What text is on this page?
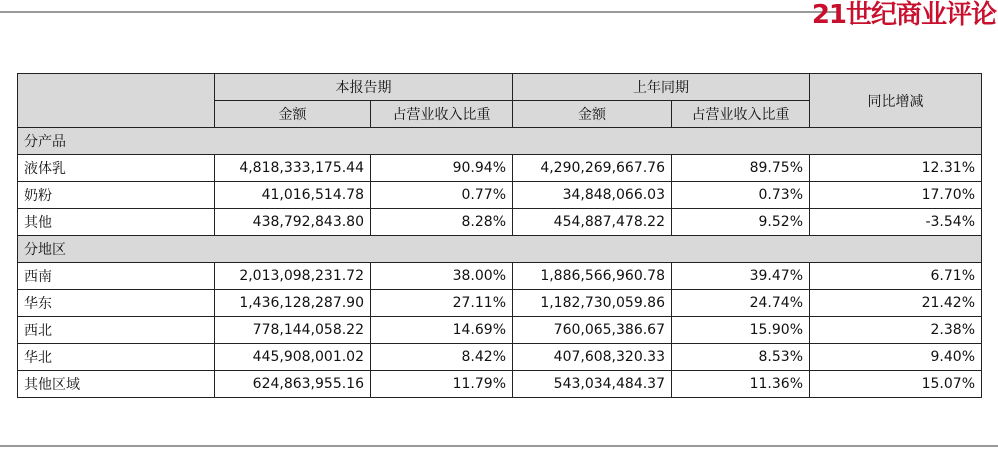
21世纪商业评论
	本报告期		上年同期		同比增减
	金额	占营业收入比重	金额	占营业收入比重	
分产品					
液体乳	4,818,333,175.44	90.94%	4,290,269,667.76	89.75%	12.31%
奶粉	41,016,514.78	0.77%	34,848,066.03	0.73%	17.70%
其他	438,792,843.80	8.28%	454,887,478.22	9.52%	-3.54%
分地区					
西南	2,013,098,231.72	38.00%	1,886,566,960.78	39.47%	6.71%
华东	1,436,128,287.90	27.11%	1,182,730,059.86	24.74%	21.42%
西北	778,144,058.22	14.69%	760,065,386.67	15.90%	2.38%
华北	445,908,001.02	8.42%	407,608,320.33	8.53%	9.40%
其他区域	624,863,955.16	11.79%	543,034,484.37	11.36%	15.07%
